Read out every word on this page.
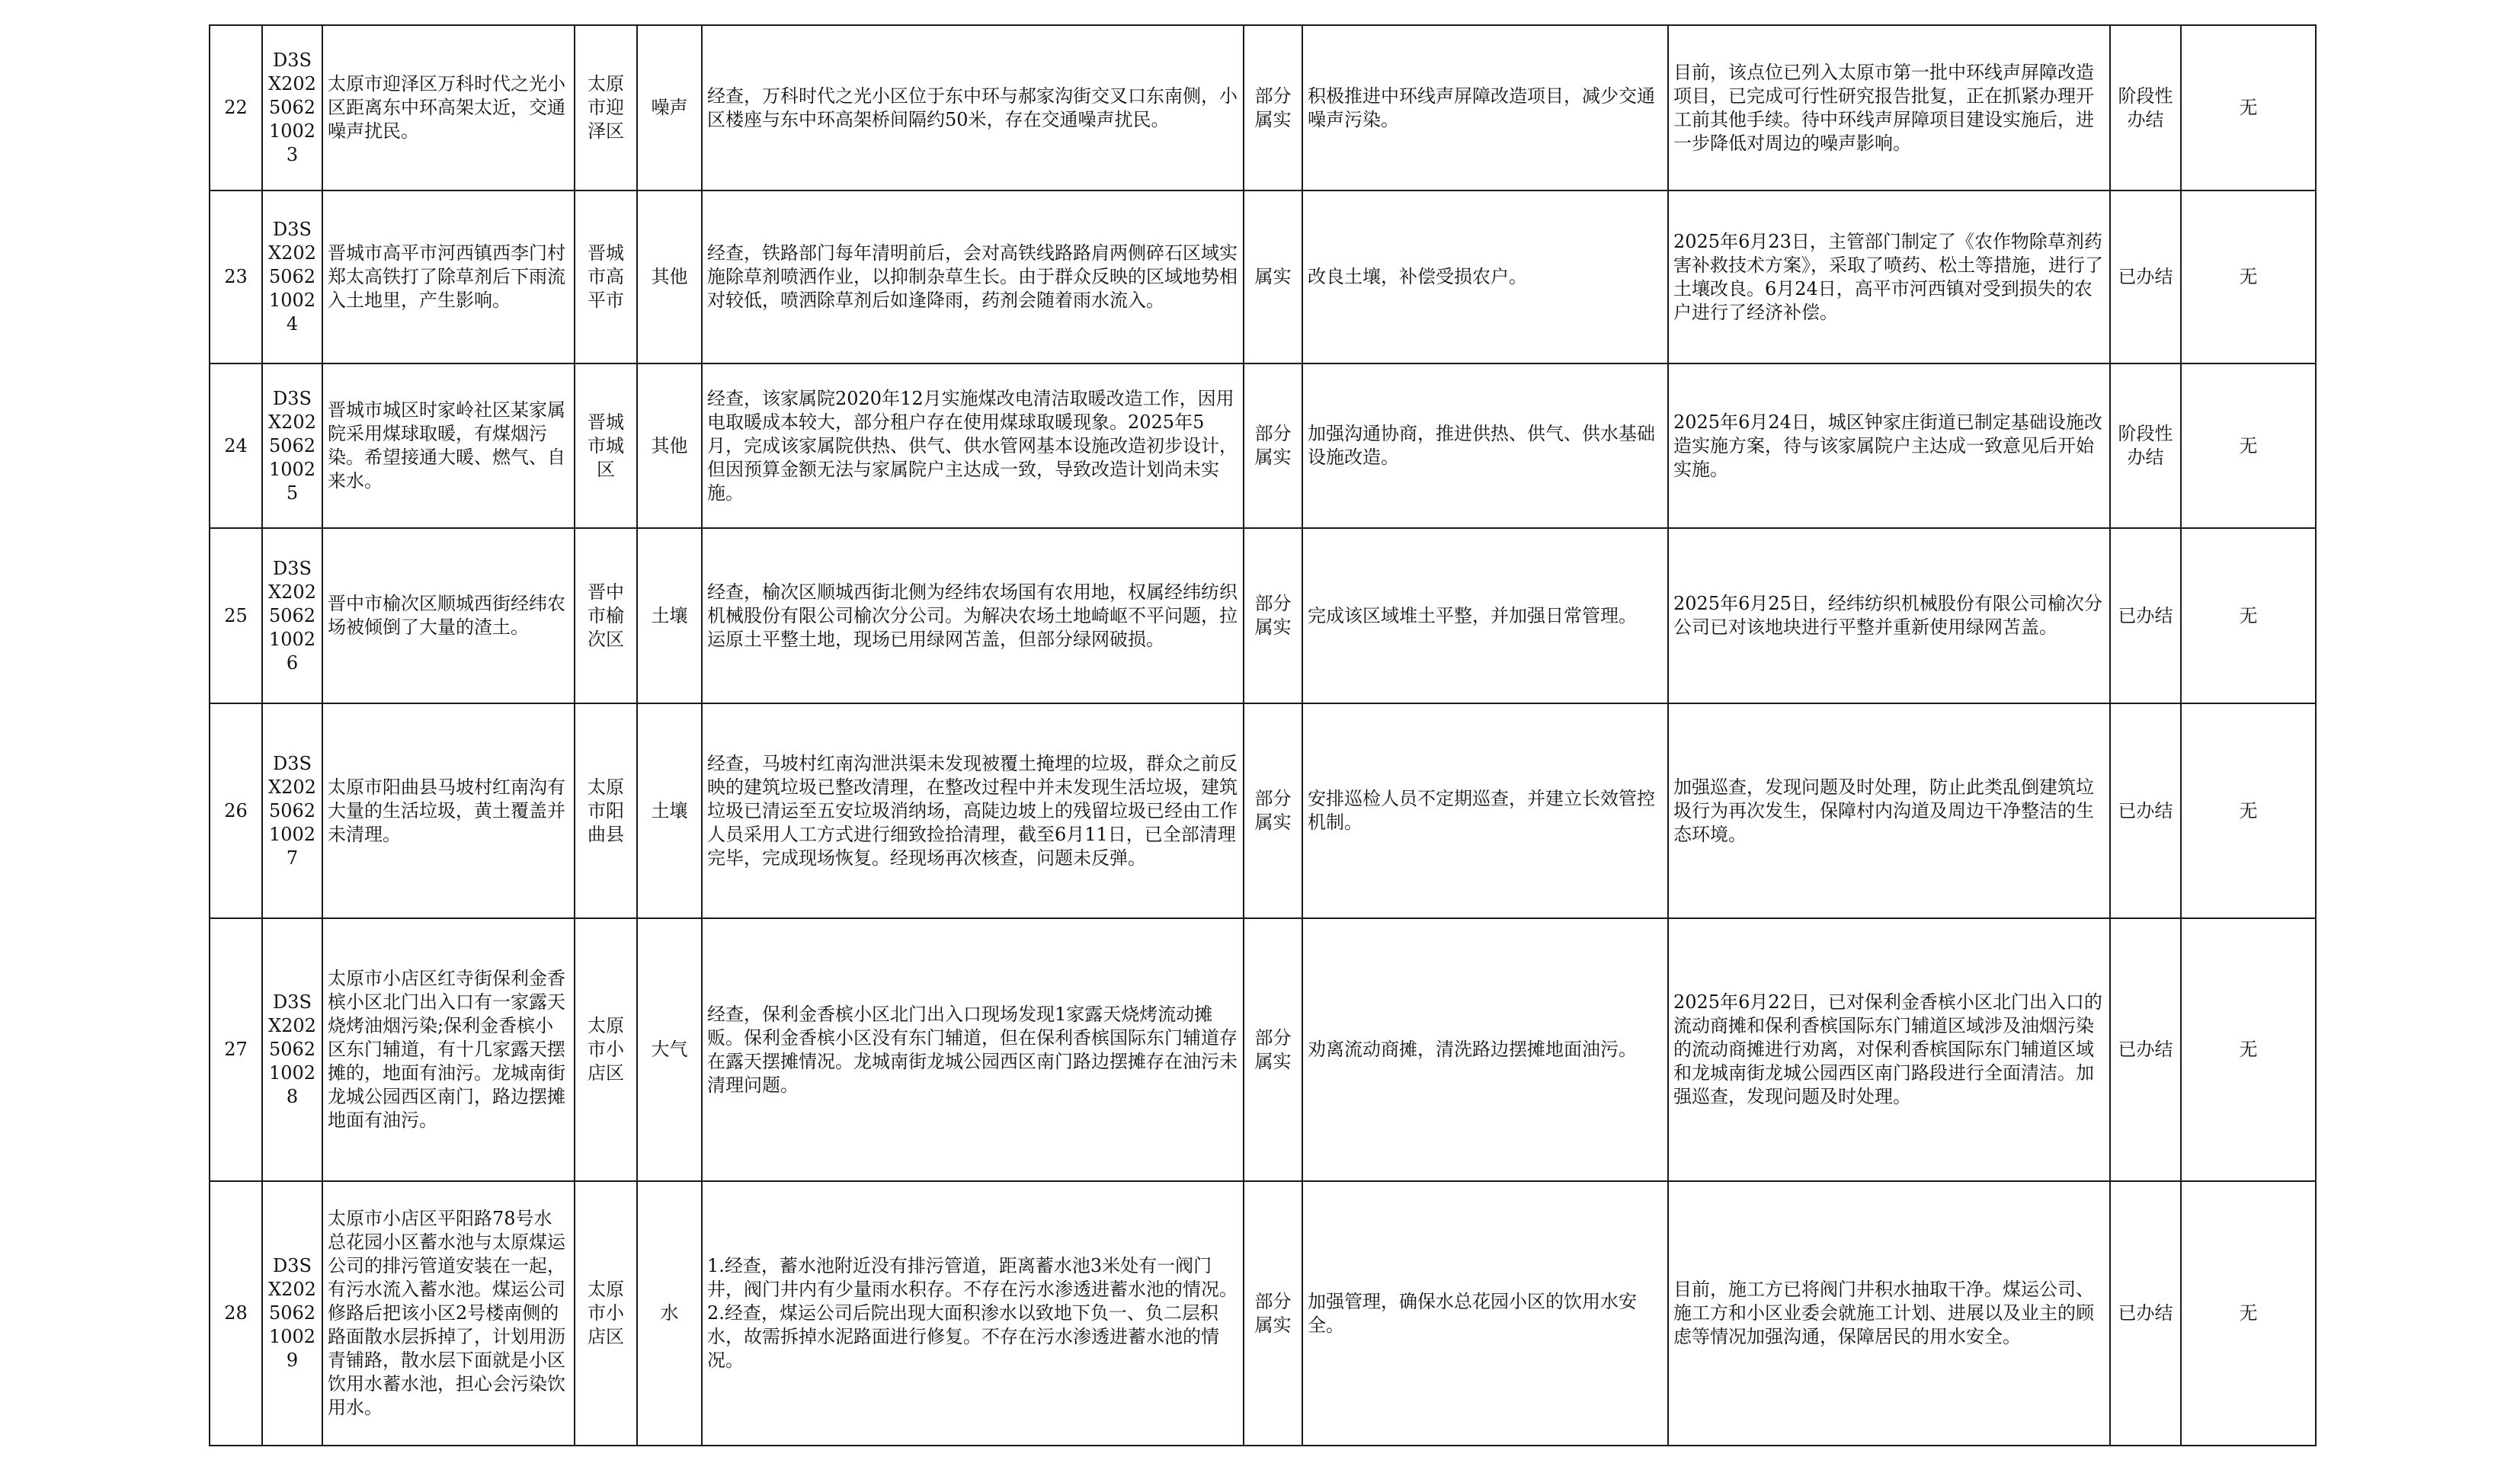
22	D3SX202506210023	太原市迎泽区万科时代之光小区距离东中环高架太近，交通噪声扰民。	太原市迎泽区	噪声	经查，万科时代之光小区位于东中环与郝家沟街交叉口东南侧，小区楼座与东中环高架桥间隔约50米，存在交通噪声扰民。	部分属实	积极推进中环线声屏障改造项目，减少交通噪声污染。	目前，该点位已列入太原市第一批中环线声屏障改造项目，已完成可行性研究报告批复，正在抓紧办理开工前其他手续。待中环线声屏障项目建设实施后，进一步降低对周边的噪声影响。	阶段性办结	无
23	D3SX202506210024	晋城市高平市河西镇西李门村郑太高铁打了除草剂后下雨流入土地里，产生影响。	晋城市高平市	其他	经查，铁路部门每年清明前后，会对高铁线路路肩两侧碎石区域实施除草剂喷洒作业，以抑制杂草生长。由于群众反映的区域地势相对较低，喷洒除草剂后如逢降雨，药剂会随着雨水流入。	属实	改良土壤，补偿受损农户。	2025年6月23日，主管部门制定了《农作物除草剂药害补救技术方案》，采取了喷药、松土等措施，进行了土壤改良。6月24日，高平市河西镇对受到损失的农户进行了经济补偿。	已办结	无
24	D3SX202506210025	晋城市城区时家岭社区某家属院采用煤球取暖，有煤烟污染。希望接通大暖、燃气、自来水。	晋城市城区	其他	经查，该家属院2020年12月实施煤改电清洁取暖改造工作，因用电取暖成本较大，部分租户存在使用煤球取暖现象。2025年5月，完成该家属院供热、供气、供水管网基本设施改造初步设计，但因预算金额无法与家属院户主达成一致，导致改造计划尚未实施。	部分属实	加强沟通协商，推进供热、供气、供水基础设施改造。	2025年6月24日，城区钟家庄街道已制定基础设施改造实施方案，待与该家属院户主达成一致意见后开始实施。	阶段性办结	无
25	D3SX202506210026	晋中市榆次区顺城西街经纬农场被倾倒了大量的渣土。	晋中市榆次区	土壤	经查，榆次区顺城西街北侧为经纬农场国有农用地，权属经纬纺织机械股份有限公司榆次分公司。为解决农场土地崎岖不平问题，拉运原土平整土地，现场已用绿网苫盖，但部分绿网破损。	部分属实	完成该区域堆土平整，并加强日常管理。	2025年6月25日，经纬纺织机械股份有限公司榆次分公司已对该地块进行平整并重新使用绿网苫盖。	已办结	无
26	D3SX202506210027	太原市阳曲县马坡村红南沟有大量的生活垃圾，黄土覆盖并未清理。	太原市阳曲县	土壤	经查，马坡村红南沟泄洪渠未发现被覆土掩埋的垃圾，群众之前反映的建筑垃圾已整改清理，在整改过程中并未发现生活垃圾，建筑垃圾已清运至五安垃圾消纳场，高陡边坡上的残留垃圾已经由工作人员采用人工方式进行细致捡拾清理，截至6月11日，已全部清理完毕，完成现场恢复。经现场再次核查，问题未反弹。	部分属实	安排巡检人员不定期巡查，并建立长效管控机制。	加强巡查，发现问题及时处理，防止此类乱倒建筑垃圾行为再次发生，保障村内沟道及周边干净整洁的生态环境。	已办结	无
27	D3SX202506210028	太原市小店区红寺街保利金香槟小区北门出入口有一家露天烧烤油烟污染;保利金香槟小区东门辅道，有十几家露天摆摊的，地面有油污。龙城南街龙城公园西区南门，路边摆摊地面有油污。	太原市小店区	大气	经查，保利金香槟小区北门出入口现场发现1家露天烧烤流动摊贩。保利金香槟小区没有东门辅道，但在保利香槟国际东门辅道存在露天摆摊情况。龙城南街龙城公园西区南门路边摆摊存在油污未清理问题。	部分属实	劝离流动商摊，清洗路边摆摊地面油污。	2025年6月22日，已对保利金香槟小区北门出入口的流动商摊和保利香槟国际东门辅道区域涉及油烟污染的流动商摊进行劝离，对保利香槟国际东门辅道区域和龙城南街龙城公园西区南门路段进行全面清洁。加强巡查，发现问题及时处理。	已办结	无
28	D3SX202506210029	太原市小店区平阳路78号水总花园小区蓄水池与太原煤运公司的排污管道安装在一起，有污水流入蓄水池。煤运公司修路后把该小区2号楼南侧的路面散水层拆掉了，计划用沥青铺路，散水层下面就是小区饮用水蓄水池，担心会污染饮用水。	太原市小店区	水	1.经查，蓄水池附近没有排污管道，距离蓄水池3米处有一阀门井，阀门井内有少量雨水积存。不存在污水渗透进蓄水池的情况。
2.经查，煤运公司后院出现大面积渗水以致地下负一、负二层积水，故需拆掉水泥路面进行修复。不存在污水渗透进蓄水池的情况。	部分属实	加强管理，确保水总花园小区的饮用水安全。	目前，施工方已将阀门井积水抽取干净。煤运公司、施工方和小区业委会就施工计划、进展以及业主的顾虑等情况加强沟通，保障居民的用水安全。	已办结	无
